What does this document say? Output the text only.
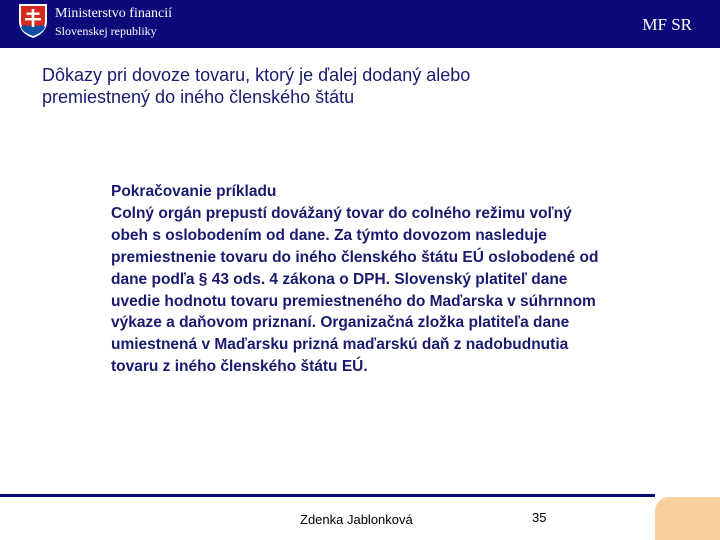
Ministerstvo financií
Slovenskej republiky	MF SR
Dôkazy pri dovoze tovaru, ktorý je ďalej dodaný alebo
premiestnený do iného členského štátu
Pokračovanie príkladu
Colný orgán prepustí dovážaný tovar do colného režimu voľný
obeh s oslobodením od dane. Za týmto dovozom nasleduje
premiestnenie tovaru do iného členského štátu EÚ oslobodené od
dane podľa § 43 ods. 4 zákona o DPH. Slovenský platiteľ dane
uvedie hodnotu tovaru premiestneného do Maďarska v súhrnnom
výkaze a daňovom priznaní. Organizačná zložka platiteľa dane
umiestnená v Maďarsku prizná maďarskú daň z nadobudnutia
tovaru z iného členského štátu EÚ.
Zdenka Jablonková	35
